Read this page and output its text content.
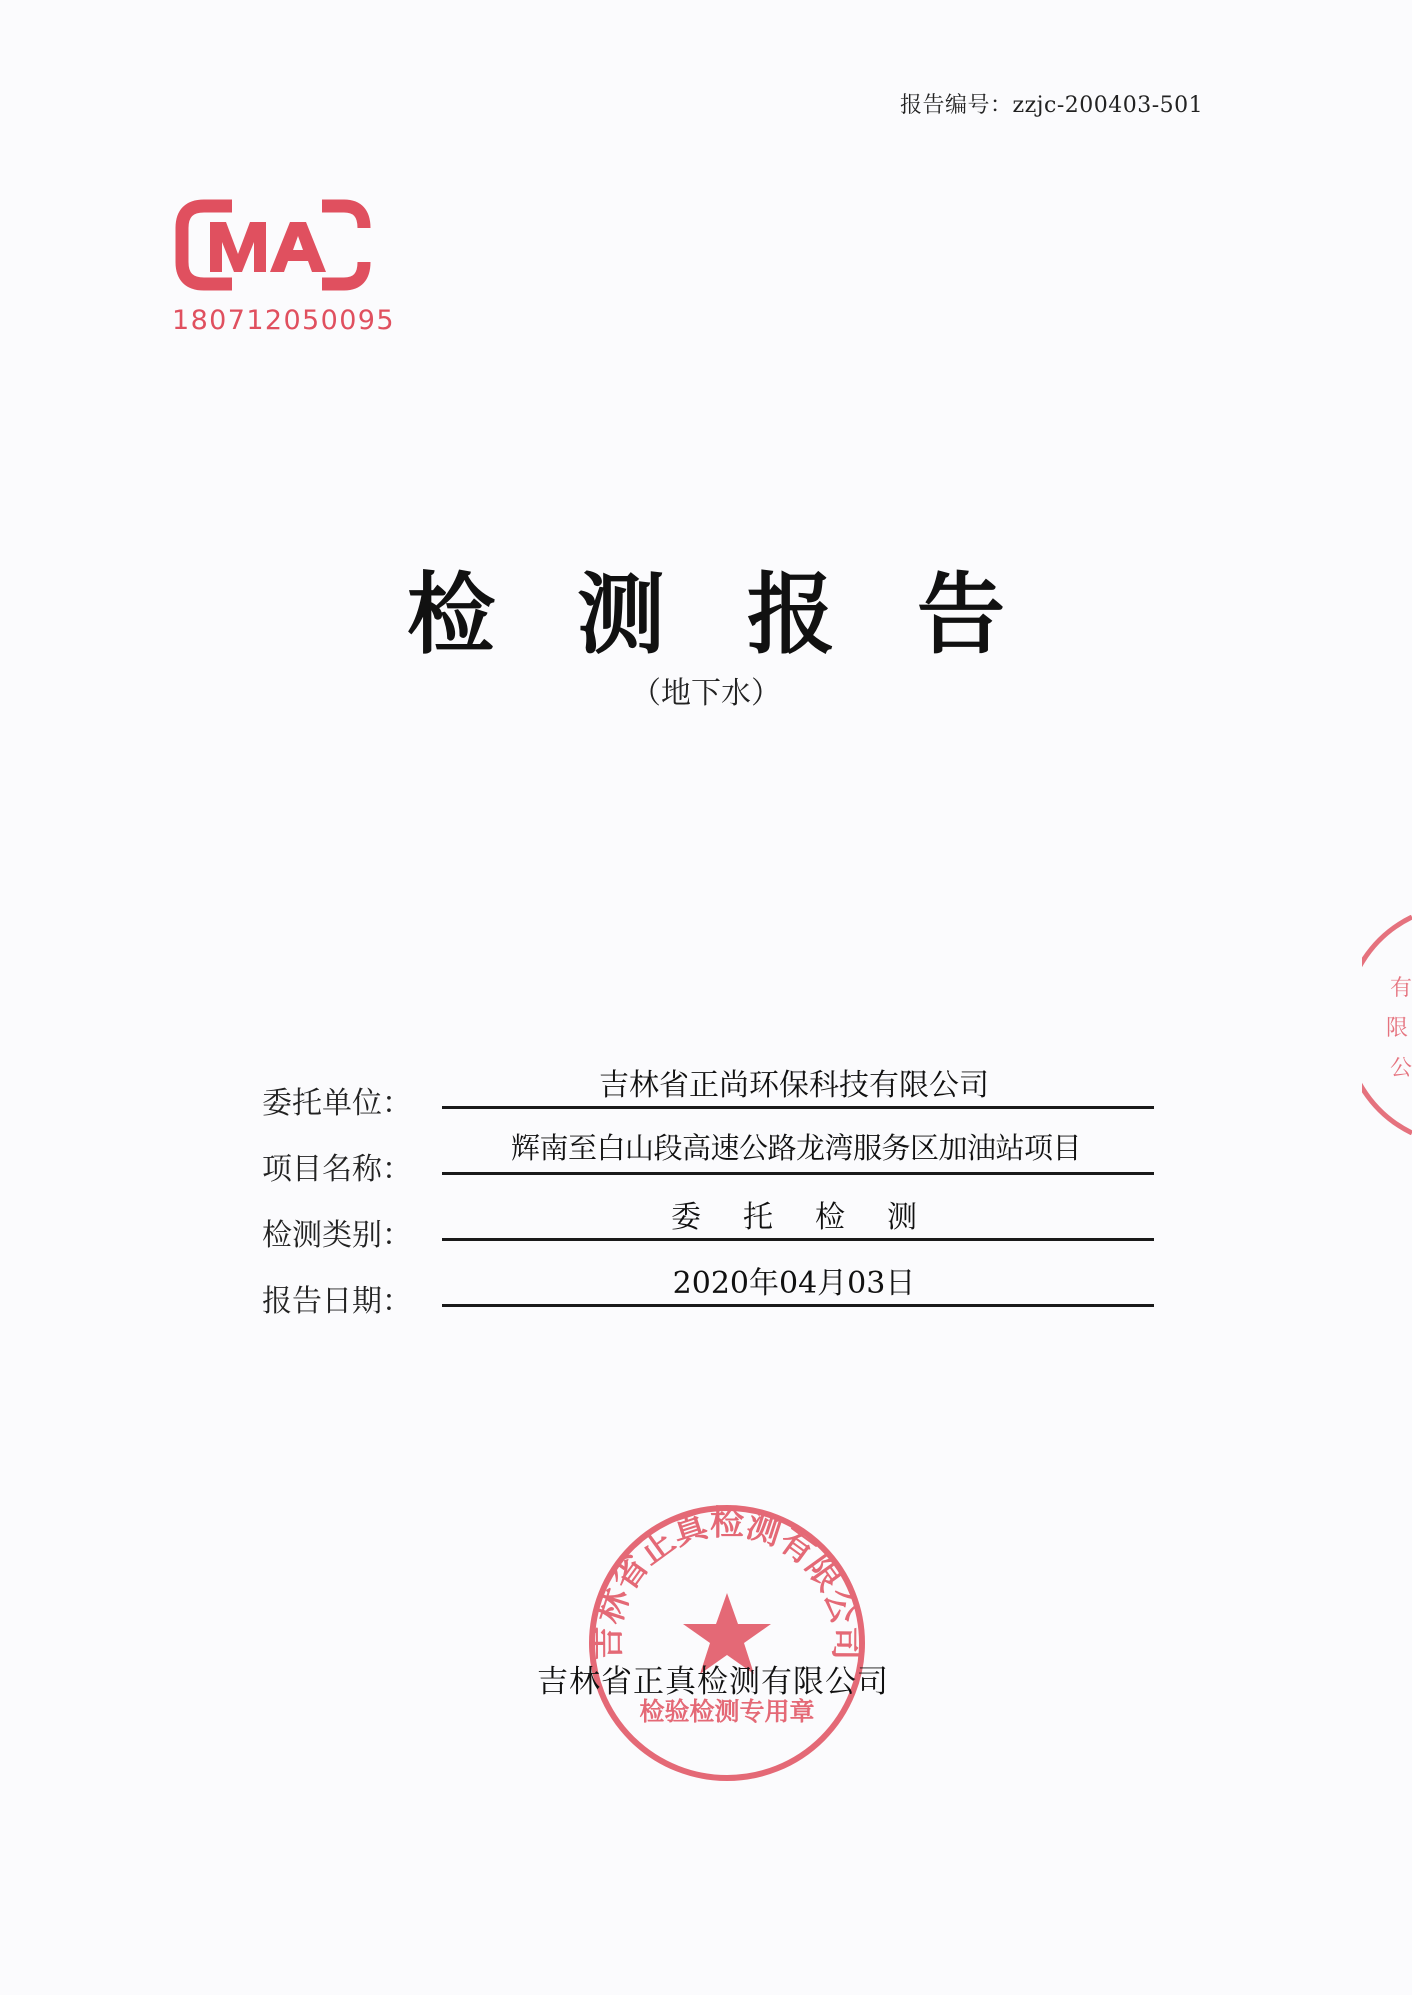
报告编号：zzjc-200403-501
180712050095
检测报告
（地下水）
委托单位：
吉林省正尚环保科技有限公司
项目名称：
辉南至白山段高速公路龙湾服务区加油站项目
检测类别：
委托检测
报告日期：
2020年04月03日
吉林省正真检测有限公司
检验检测专用章
吉林省正真检测有限公司
有
限
公
